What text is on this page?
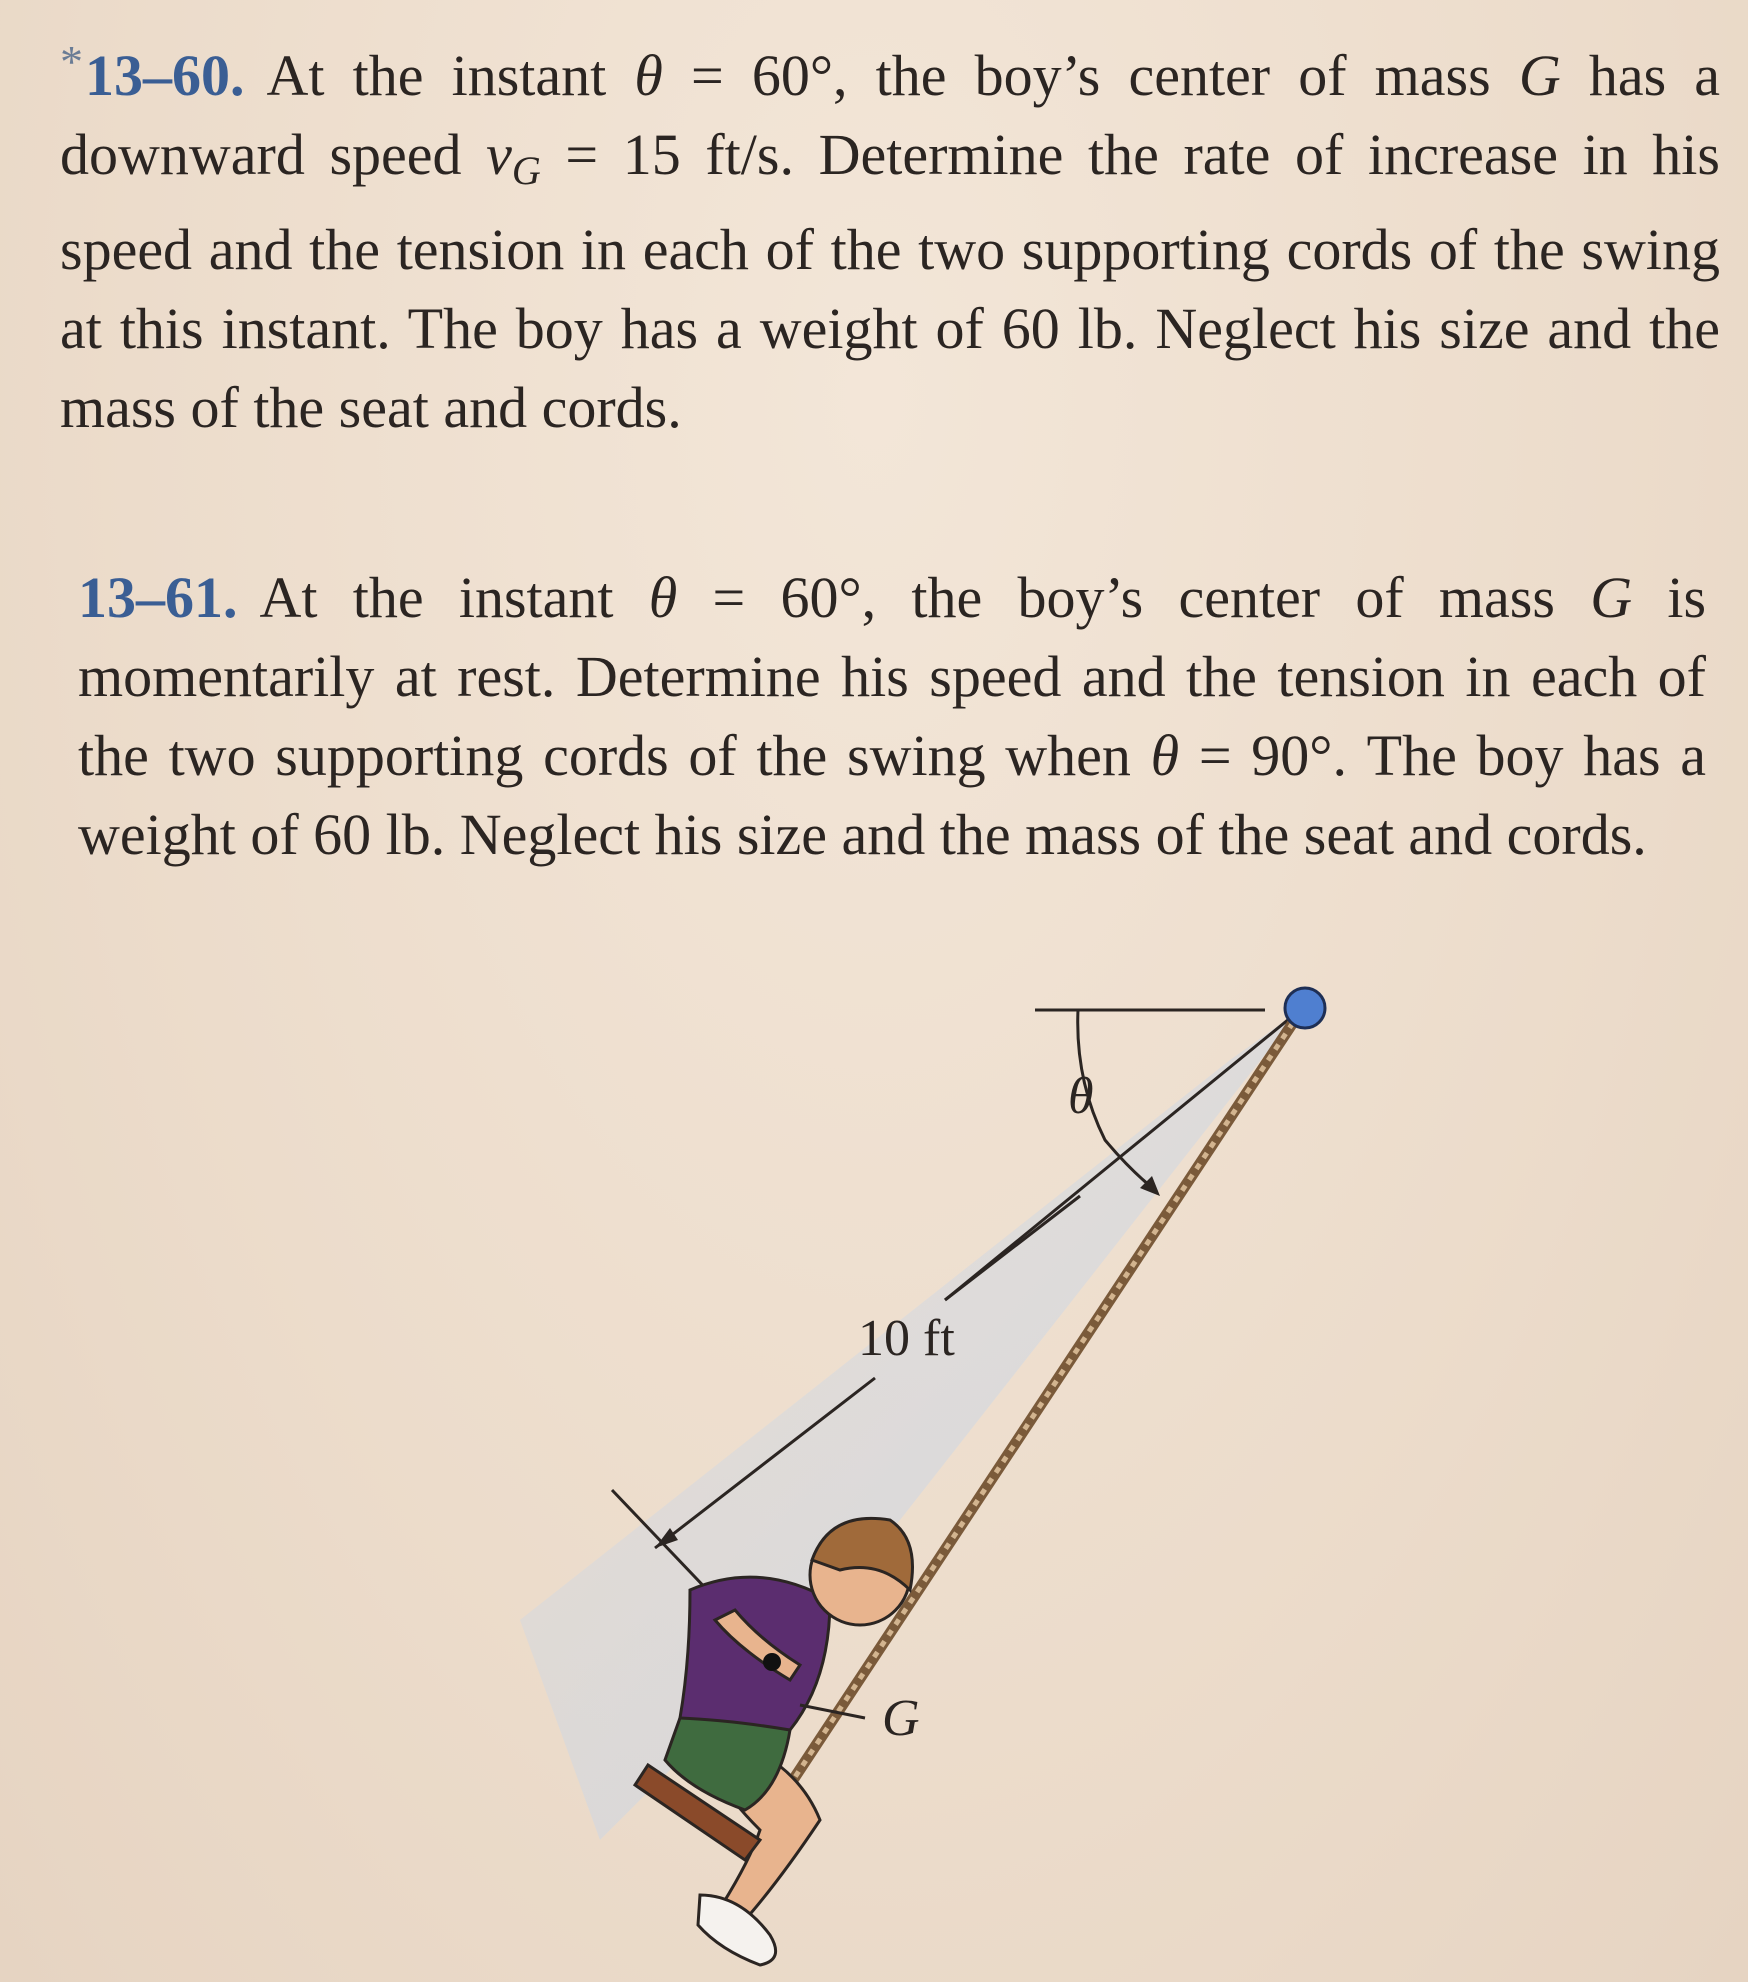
*13–60. At the instant θ = 60°, the boy’s center of mass G has a downward speed $v_G = 15$ ft/s. Determine the rate of increase in his speed and the tension in each of the two supporting cords of the swing at this instant. The boy has a weight of 60 lb. Neglect his size and the mass of the seat and cords.
13–61. At the instant θ = 60°, the boy’s center of mass G is momentarily at rest. Determine his speed and the tension in each of the two supporting cords of the swing when θ = 90°. The boy has a weight of 60 lb. Neglect his size and the mass of the seat and cords.
10 ft
θ
G
